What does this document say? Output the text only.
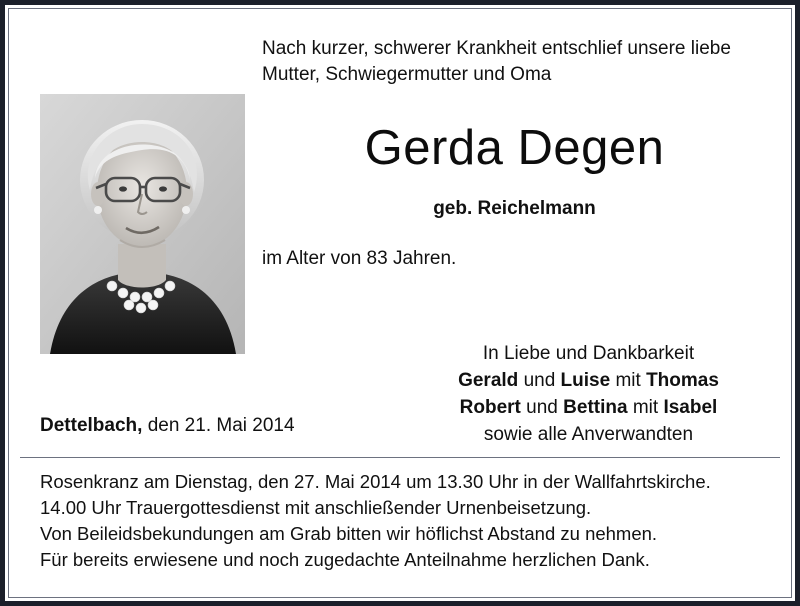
Nach kurzer, schwerer Krankheit entschlief unsere liebe
Mutter, Schwiegermutter und Oma
Gerda Degen
geb. Reichelmann
im Alter von 83 Jahren.
In Liebe und Dankbarkeit
Gerald und Luise mit Thomas
Robert und Bettina mit Isabel
sowie alle Anverwandten
Dettelbach, den 21. Mai 2014
Rosenkranz am Dienstag, den 27. Mai 2014 um 13.30 Uhr in der Wallfahrtskirche.
14.00 Uhr Trauergottesdienst mit anschließender Urnenbeisetzung.
Von Beileidsbekundungen am Grab bitten wir höflichst Abstand zu nehmen.
Für bereits erwiesene und noch zugedachte Anteilnahme herzlichen Dank.
